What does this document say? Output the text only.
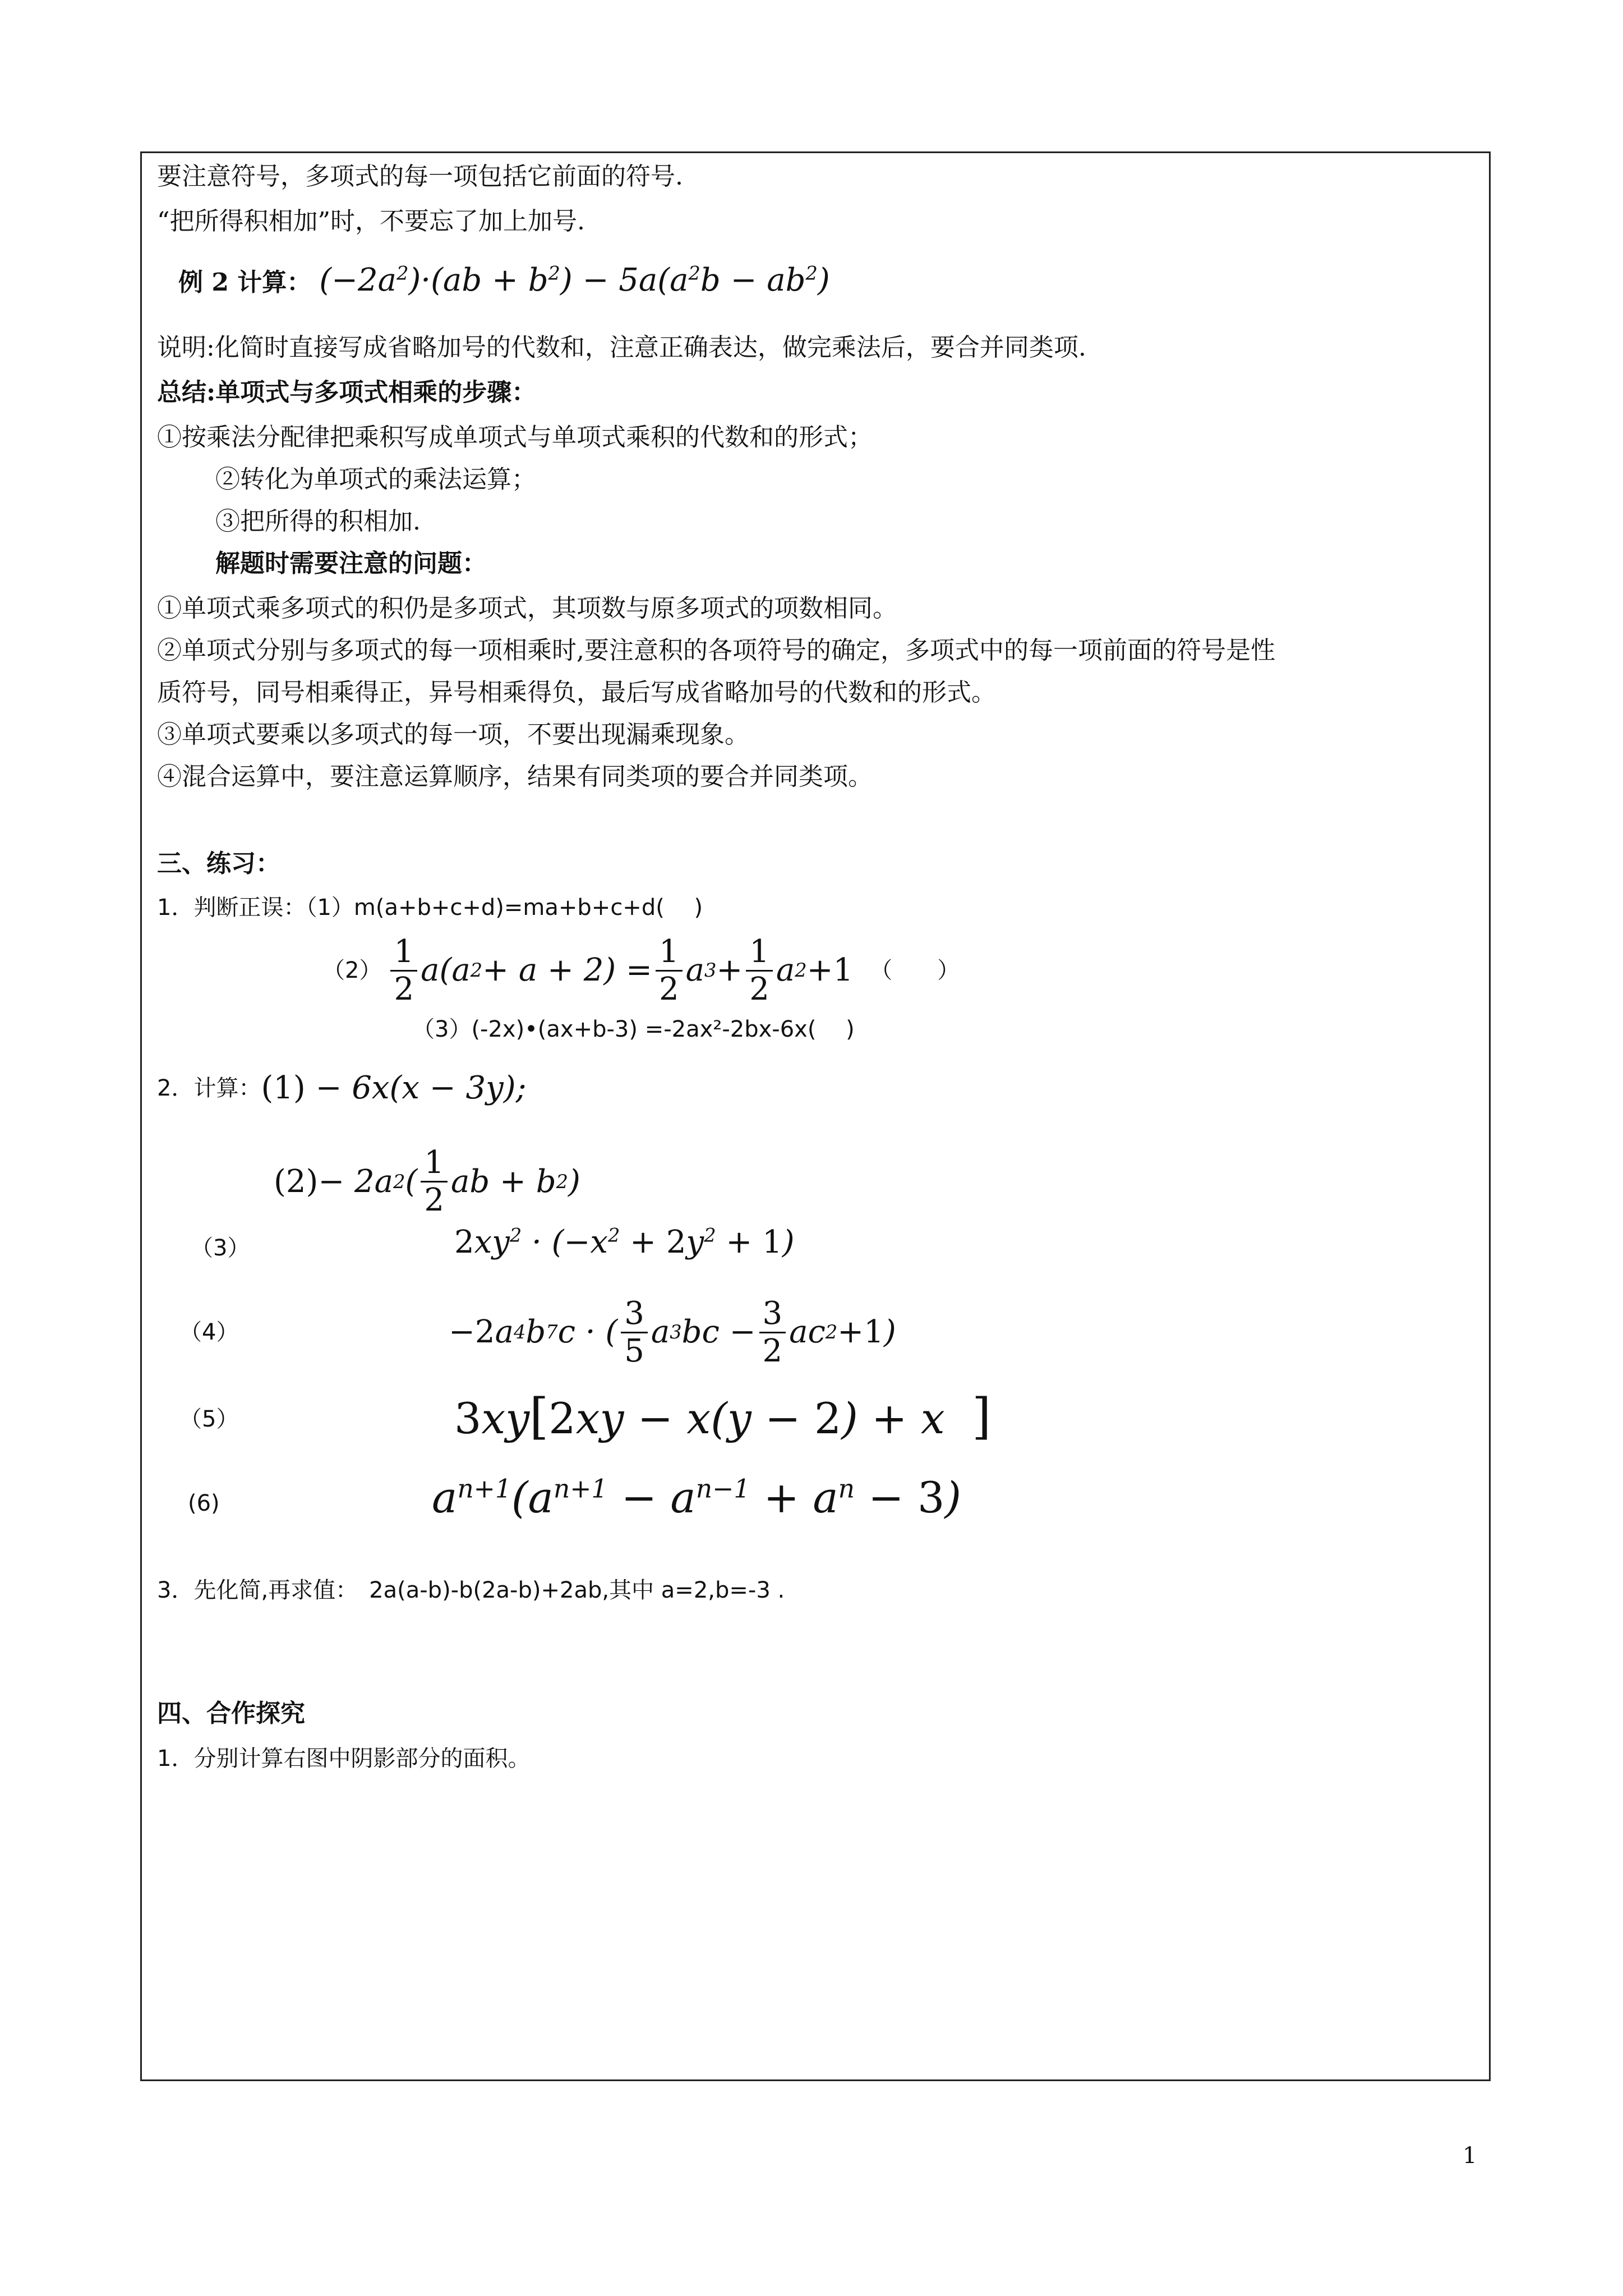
要注意符号，多项式的每一项包括它前面的符号.
“把所得积相加”时，不要忘了加上加号.
例 2 计算： $(-2a^2)\cdot(ab + b^2) - 5a(a^2b - ab^2)$
说明:化简时直接写成省略加号的代数和，注意正确表达，做完乘法后，要合并同类项.
总结:单项式与多项式相乘的步骤：
①按乘法分配律把乘积写成单项式与单项式乘积的代数和的形式；
②转化为单项式的乘法运算；
③把所得的积相加.
解题时需要注意的问题：
①单项式乘多项式的积仍是多项式，其项数与原多项式的项数相同。
②单项式分别与多项式的每一项相乘时,要注意积的各项符号的确定，多项式中的每一项前面的符号是性
质符号，同号相乘得正，异号相乘得负，最后写成省略加号的代数和的形式。
③单项式要乘以多项式的每一项，不要出现漏乘现象。
④混合运算中，要注意运算顺序，结果有同类项的要合并同类项。
三、练习：
1．判断正误：（1）m(a+b+c+d)=ma+b+c+d(　 )
$(2) \frac{1}{2} a(a$ $2 + a + 2) = \frac{1}{2}$ a $3 + \frac{1}{2}$ a 2 + 1 （　　）
（3）(-2x)•(ax+b-3) =-2ax²-2bx-6x(　 )
2．计算： (1) − 6x(x − 3y);
(2) − 2a 2 ( $\frac{1}{2}$ ab + b 2 )
（3）	$2xy^2 \cdot (-x^2 + 2y^2 + 1)$
（4）	− 2 a 4 b 7 c · ( $\frac{3}{5}$ a 3 bc − $\frac{3}{2}$ ac 2 + 1 )
（5）	3xy[2xy − x(y − 2) + x  ]
(6)	$a^{n+1}(a^{n+1} - a^{n-1} + a^n - 3)$
3．先化简,再求值：　2a(a-b)-b(2a-b)+2ab,其中 a=2,b=-3 .
四、合作探究
1．分别计算右图中阴影部分的面积。
1
